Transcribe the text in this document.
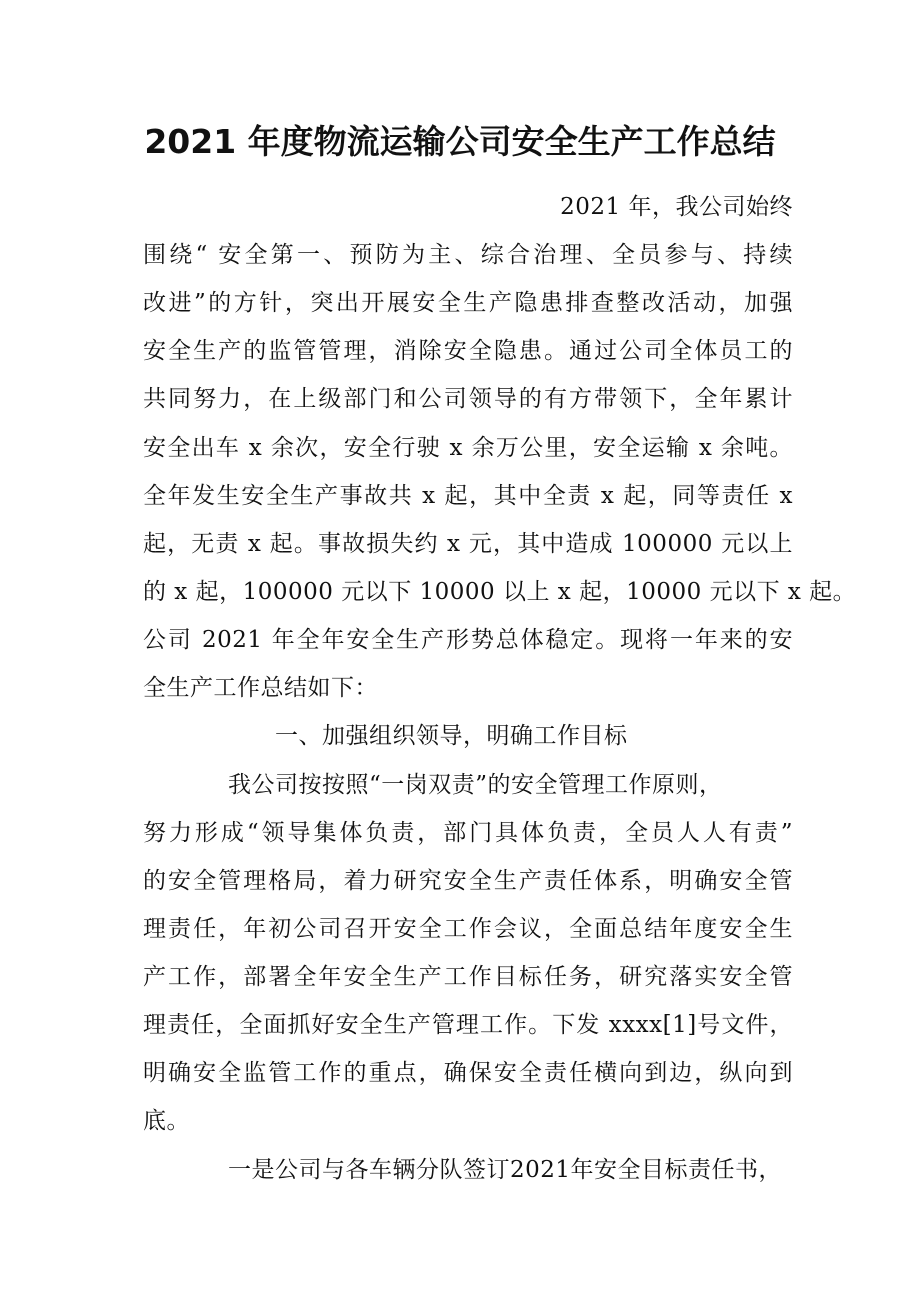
2021 年度物流运输公司安全生产工作总结
2021 年，我公司始终
围绕“ 安全第一、预防为主、综合治理、全员参与、持续
改进”的方针，突出开展安全生产隐患排查整改活动，加强
安全生产的监管管理，消除安全隐患。通过公司全体员工的
共同努力，在上级部门和公司领导的有方带领下，全年累计
安全出车 x 余次，安全行驶 x 余万公里，安全运输 x 余吨。
全年发生安全生产事故共 x 起，其中全责 x 起，同等责任 x
起，无责 x 起。事故损失约 x 元，其中造成 100000 元以上
的 x 起，100000 元以下 10000 以上 x 起，10000 元以下 x 起。
公司 2021 年全年安全生产形势总体稳定。现将一年来的安
全生产工作总结如下：
一、加强组织领导，明确工作目标
我公司按按照“一岗双责”的安全管理工作原则，
努力形成“领导集体负责，部门具体负责，全员人人有责”
的安全管理格局，着力研究安全生产责任体系，明确安全管
理责任，年初公司召开安全工作会议，全面总结年度安全生
产工作，部署全年安全生产工作目标任务，研究落实安全管
理责任，全面抓好安全生产管理工作。下发 xxxx[1]号文件，
明确安全监管工作的重点，确保安全责任横向到边，纵向到
底。
一是公司与各车辆分队签订2021年安全目标责任书，
